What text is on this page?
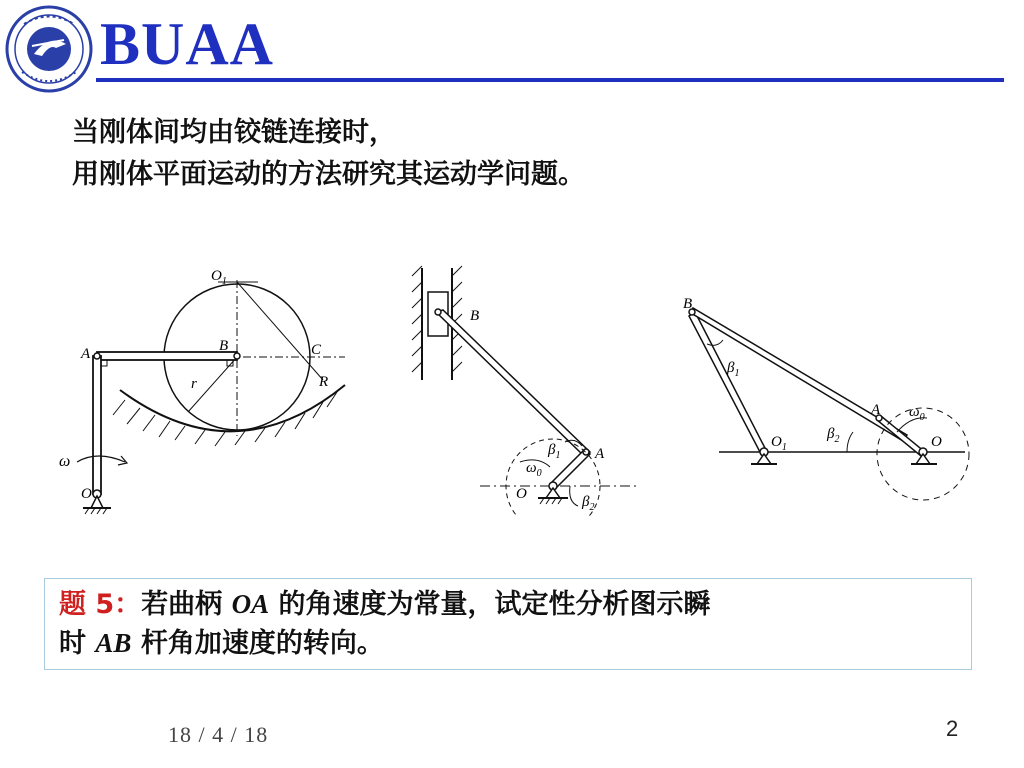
BUAA
当刚体间均由铰链连接时，
用刚体平面运动的方法研究其运动学问题。
$O_1$
A	B	C
R
r
ω
O
B
A
O
$\omega_0$
$\beta_1$
$\beta_2$
B
A
$O_1$	O
$\omega_0$
$\beta_1$
$\beta_2$
题 5：若曲柄 OA 的角速度为常量，试定性分析图示瞬
时 AB 杆角加速度的转向。
18 / 4 / 18	2
